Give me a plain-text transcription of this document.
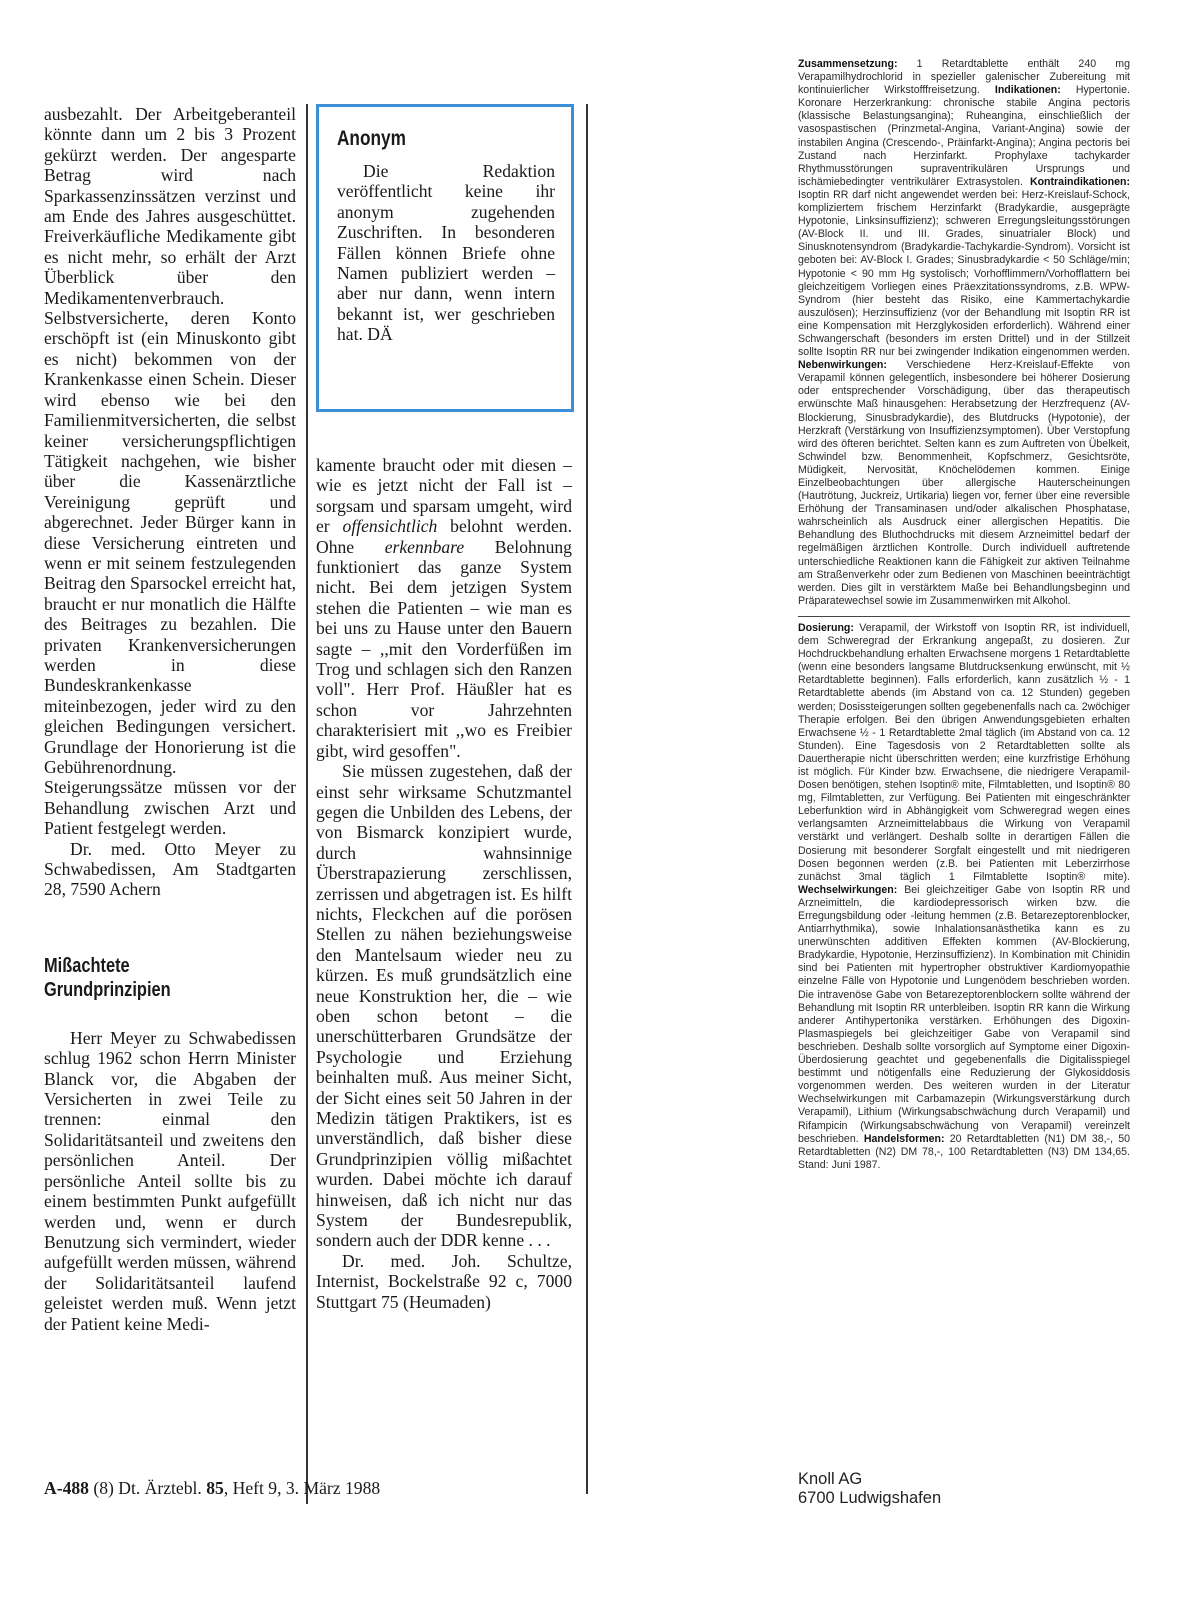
ausbezahlt. Der Arbeitgeberanteil könnte dann um 2 bis 3 Prozent gekürzt werden. Der angesparte Betrag wird nach Sparkassenzinssätzen verzinst und am Ende des Jahres ausgeschüttet. Freiverkäufliche Medikamente gibt es nicht mehr, so erhält der Arzt Überblick über den Medikamentenverbrauch. Selbstversicherte, deren Konto erschöpft ist (ein Minuskonto gibt es nicht) bekommen von der Krankenkasse einen Schein. Dieser wird ebenso wie bei den Familienmitversicherten, die selbst keiner versicherungspflichtigen Tätigkeit nachgehen, wie bisher über die Kassenärztliche Vereinigung geprüft und abgerechnet. Jeder Bürger kann in diese Versicherung eintreten und wenn er mit seinem festzulegenden Beitrag den Sparsockel erreicht hat, braucht er nur monatlich die Hälfte des Beitrages zu bezahlen. Die privaten Krankenversicherungen werden in diese Bundeskrankenkasse miteinbezogen, jeder wird zu den gleichen Bedingungen versichert. Grundlage der Honorierung ist die Gebührenordnung. Steigerungssätze müssen vor der Behandlung zwischen Arzt und Patient festgelegt werden.

Dr. med. Otto Meyer zu Schwabedissen, Am Stadtgarten 28, 7590 Achern

Mißachtete Grundprinzipien

Herr Meyer zu Schwabedissen schlug 1962 schon Herrn Minister Blanck vor, die Abgaben der Versicherten in zwei Teile zu trennen: einmal den Solidaritätsanteil und zweitens den persönlichen Anteil. Der persönliche Anteil sollte bis zu einem bestimmten Punkt aufgefüllt werden und, wenn er durch Benutzung sich vermindert, wieder aufgefüllt werden müssen, während der Solidaritätsanteil laufend geleistet werden muß. Wenn jetzt der Patient keine Medi-

Anonym
Die Redaktion veröffentlicht keine ihr anonym zugehenden Zuschriften. In besonderen Fällen können Briefe ohne Namen publiziert werden – aber nur dann, wenn intern bekannt ist, wer geschrieben hat. DÄ

kamente braucht oder mit diesen – wie es jetzt nicht der Fall ist – sorgsam und sparsam umgeht, wird er offensichtlich belohnt werden. Ohne erkennbare Belohnung funktioniert das ganze System nicht. Bei dem jetzigen System stehen die Patienten – wie man es bei uns zu Hause unter den Bauern sagte – ,,mit den Vorderfüßen im Trog und schlagen sich den Ranzen voll". Herr Prof. Häußler hat es schon vor Jahrzehnten charakterisiert mit ,,wo es Freibier gibt, wird gesoffen".

Sie müssen zugestehen, daß der einst sehr wirksame Schutzmantel gegen die Unbilden des Lebens, der von Bismarck konzipiert wurde, durch wahnsinnige Überstrapazierung zerschlissen, zerrissen und abgetragen ist. Es hilft nichts, Fleckchen auf die porösen Stellen zu nähen beziehungsweise den Mantelsaum wieder neu zu kürzen. Es muß grundsätzlich eine neue Konstruktion her, die – wie oben schon betont – die unerschütterbaren Grundsätze der Psychologie und Erziehung beinhalten muß. Aus meiner Sicht, der Sicht eines seit 50 Jahren in der Medizin tätigen Praktikers, ist es unverständlich, daß bisher diese Grundprinzipien völlig mißachtet wurden. Dabei möchte ich darauf hinweisen, daß ich nicht nur das System der Bundesrepublik, sondern auch der DDR kenne . . .

Dr. med. Joh. Schultze, Internist, Bockelstraße 92 c, 7000 Stuttgart 75 (Heumaden)

A-488 (8) Dt. Ärztebl. 85, Heft 9, 3. März 1988

Zusammensetzung: 1 Retardtablette enthält 240 mg Verapamilhydrochlorid in spezieller galenischer Zubereitung mit kontinuierlicher Wirkstofffreisetzung. Indikationen: Hypertonie. Koronare Herzerkrankung: chronische stabile Angina pectoris (klassische Belastungsangina); Ruheangina, einschließlich der vasospastischen (Prinzmetal-Angina, Variant-Angina) sowie der instabilen Angina (Crescendo-, Präinfarkt-Angina); Angina pectoris bei Zustand nach Herzinfarkt. Prophylaxe tachykarder Rhythmusstörungen supraventrikulären Ursprungs und ischämiebedingter ventrikulärer Extrasystolen. Kontraindikationen: Isoptin RR darf nicht angewendet werden bei: Herz-Kreislauf-Schock, kompliziertem frischem Herzinfarkt (Bradykardie, ausgeprägte Hypotonie, Linksinsuffizienz); schweren Erregungsleitungsstörungen (AV-Block II. und III. Grades, sinuatrialer Block) und Sinusknotensyndrom (Bradykardie-Tachykardie-Syndrom). Vorsicht ist geboten bei: AV-Block I. Grades; Sinusbradykardie < 50 Schläge/min; Hypotonie < 90 mm Hg systolisch; Vorhofflimmern/Vorhofflattern bei gleichzeitigem Vorliegen eines Präexzitationssyndroms, z.B. WPW-Syndrom (hier besteht das Risiko, eine Kammertachykardie auszulösen); Herzinsuffizienz (vor der Behandlung mit Isoptin RR ist eine Kompensation mit Herzglykosiden erforderlich). Während einer Schwangerschaft (besonders im ersten Drittel) und in der Stillzeit sollte Isoptin RR nur bei zwingender Indikation eingenommen werden. Nebenwirkungen: Verschiedene Herz-Kreislauf-Effekte von Verapamil können gelegentlich, insbesondere bei höherer Dosierung oder entsprechender Vorschädigung, über das therapeutisch erwünschte Maß hinausgehen: Herabsetzung der Herzfrequenz (AV-Blockierung, Sinusbradykardie), des Blutdrucks (Hypotonie), der Herzkraft (Verstärkung von Insuffizienzsymptomen). Über Verstopfung wird des öfteren berichtet. Selten kann es zum Auftreten von Übelkeit, Schwindel bzw. Benommenheit, Kopfschmerz, Gesichtsröte, Müdigkeit, Nervosität, Knöchelödemen kommen. Einige Einzelbeobachtungen über allergische Hauterscheinungen (Hautrötung, Juckreiz, Urtikaria) liegen vor, ferner über eine reversible Erhöhung der Transaminasen und/oder alkalischen Phosphatase, wahrscheinlich als Ausdruck einer allergischen Hepatitis. Die Behandlung des Bluthochdrucks mit diesem Arzneimittel bedarf der regelmäßigen ärztlichen Kontrolle. Durch individuell auftretende unterschiedliche Reaktionen kann die Fähigkeit zur aktiven Teilnahme am Straßenverkehr oder zum Bedienen von Maschinen beeinträchtigt werden. Dies gilt in verstärktem Maße bei Behandlungsbeginn und Präparatewechsel sowie im Zusammenwirken mit Alkohol.

Dosierung: Verapamil, der Wirkstoff von Isoptin RR, ist individuell, dem Schweregrad der Erkrankung angepaßt, zu dosieren. Zur Hochdruckbehandlung erhalten Erwachsene morgens 1 Retardtablette (wenn eine besonders langsame Blutdrucksenkung erwünscht, mit ½ Retardtablette beginnen). Falls erforderlich, kann zusätzlich ½ - 1 Retardtablette abends (im Abstand von ca. 12 Stunden) gegeben werden; Dosissteigerungen sollten gegebenenfalls nach ca. 2wöchiger Therapie erfolgen. Bei den übrigen Anwendungsgebieten erhalten Erwachsene ½ - 1 Retardtablette 2mal täglich (im Abstand von ca. 12 Stunden). Eine Tagesdosis von 2 Retardtabletten sollte als Dauertherapie nicht überschritten werden; eine kurzfristige Erhöhung ist möglich. Für Kinder bzw. Erwachsene, die niedrigere Verapamil-Dosen benötigen, stehen Isoptin® mite, Filmtabletten, und Isoptin® 80 mg, Filmtabletten, zur Verfügung. Bei Patienten mit eingeschränkter Leberfunktion wird in Abhängigkeit vom Schweregrad wegen eines verlangsamten Arzneimittelabbaus die Wirkung von Verapamil verstärkt und verlängert. Deshalb sollte in derartigen Fällen die Dosierung mit besonderer Sorgfalt eingestellt und mit niedrigeren Dosen begonnen werden (z.B. bei Patienten mit Leberzirrhose zunächst 3mal täglich 1 Filmtablette Isoptin® mite). Wechselwirkungen: Bei gleichzeitiger Gabe von Isoptin RR und Arzneimitteln, die kardiodepressorisch wirken bzw. die Erregungsbildung oder -leitung hemmen (z.B. Betarezeptorenblocker, Antiarrhythmika), sowie Inhalationsanästhetika kann es zu unerwünschten additiven Effekten kommen (AV-Blockierung, Bradykardie, Hypotonie, Herzinsuffizienz). In Kombination mit Chinidin sind bei Patienten mit hypertropher obstruktiver Kardiomyopathie einzelne Fälle von Hypotonie und Lungenödem beschrieben worden. Die intravenöse Gabe von Betarezeptorenblockern sollte während der Behandlung mit Isoptin RR unterbleiben. Isoptin RR kann die Wirkung anderer Antihypertonika verstärken. Erhöhungen des Digoxin-Plasmaspiegels bei gleichzeitiger Gabe von Verapamil sind beschrieben. Deshalb sollte vorsorglich auf Symptome einer Digoxin-Überdosierung geachtet und gegebenenfalls die Digitalisspiegel bestimmt und nötigenfalls eine Reduzierung der Glykosiddosis vorgenommen werden. Des weiteren wurden in der Literatur Wechselwirkungen mit Carbamazepin (Wirkungsverstärkung durch Verapamil), Lithium (Wirkungsabschwächung durch Verapamil) und Rifampicin (Wirkungsabschwächung von Verapamil) vereinzelt beschrieben. Handelsformen: 20 Retardtabletten (N1) DM 38,-, 50 Retardtabletten (N2) DM 78,-, 100 Retardtabletten (N3) DM 134,65. Stand: Juni 1987.

Knoll AG
6700 Ludwigshafen
